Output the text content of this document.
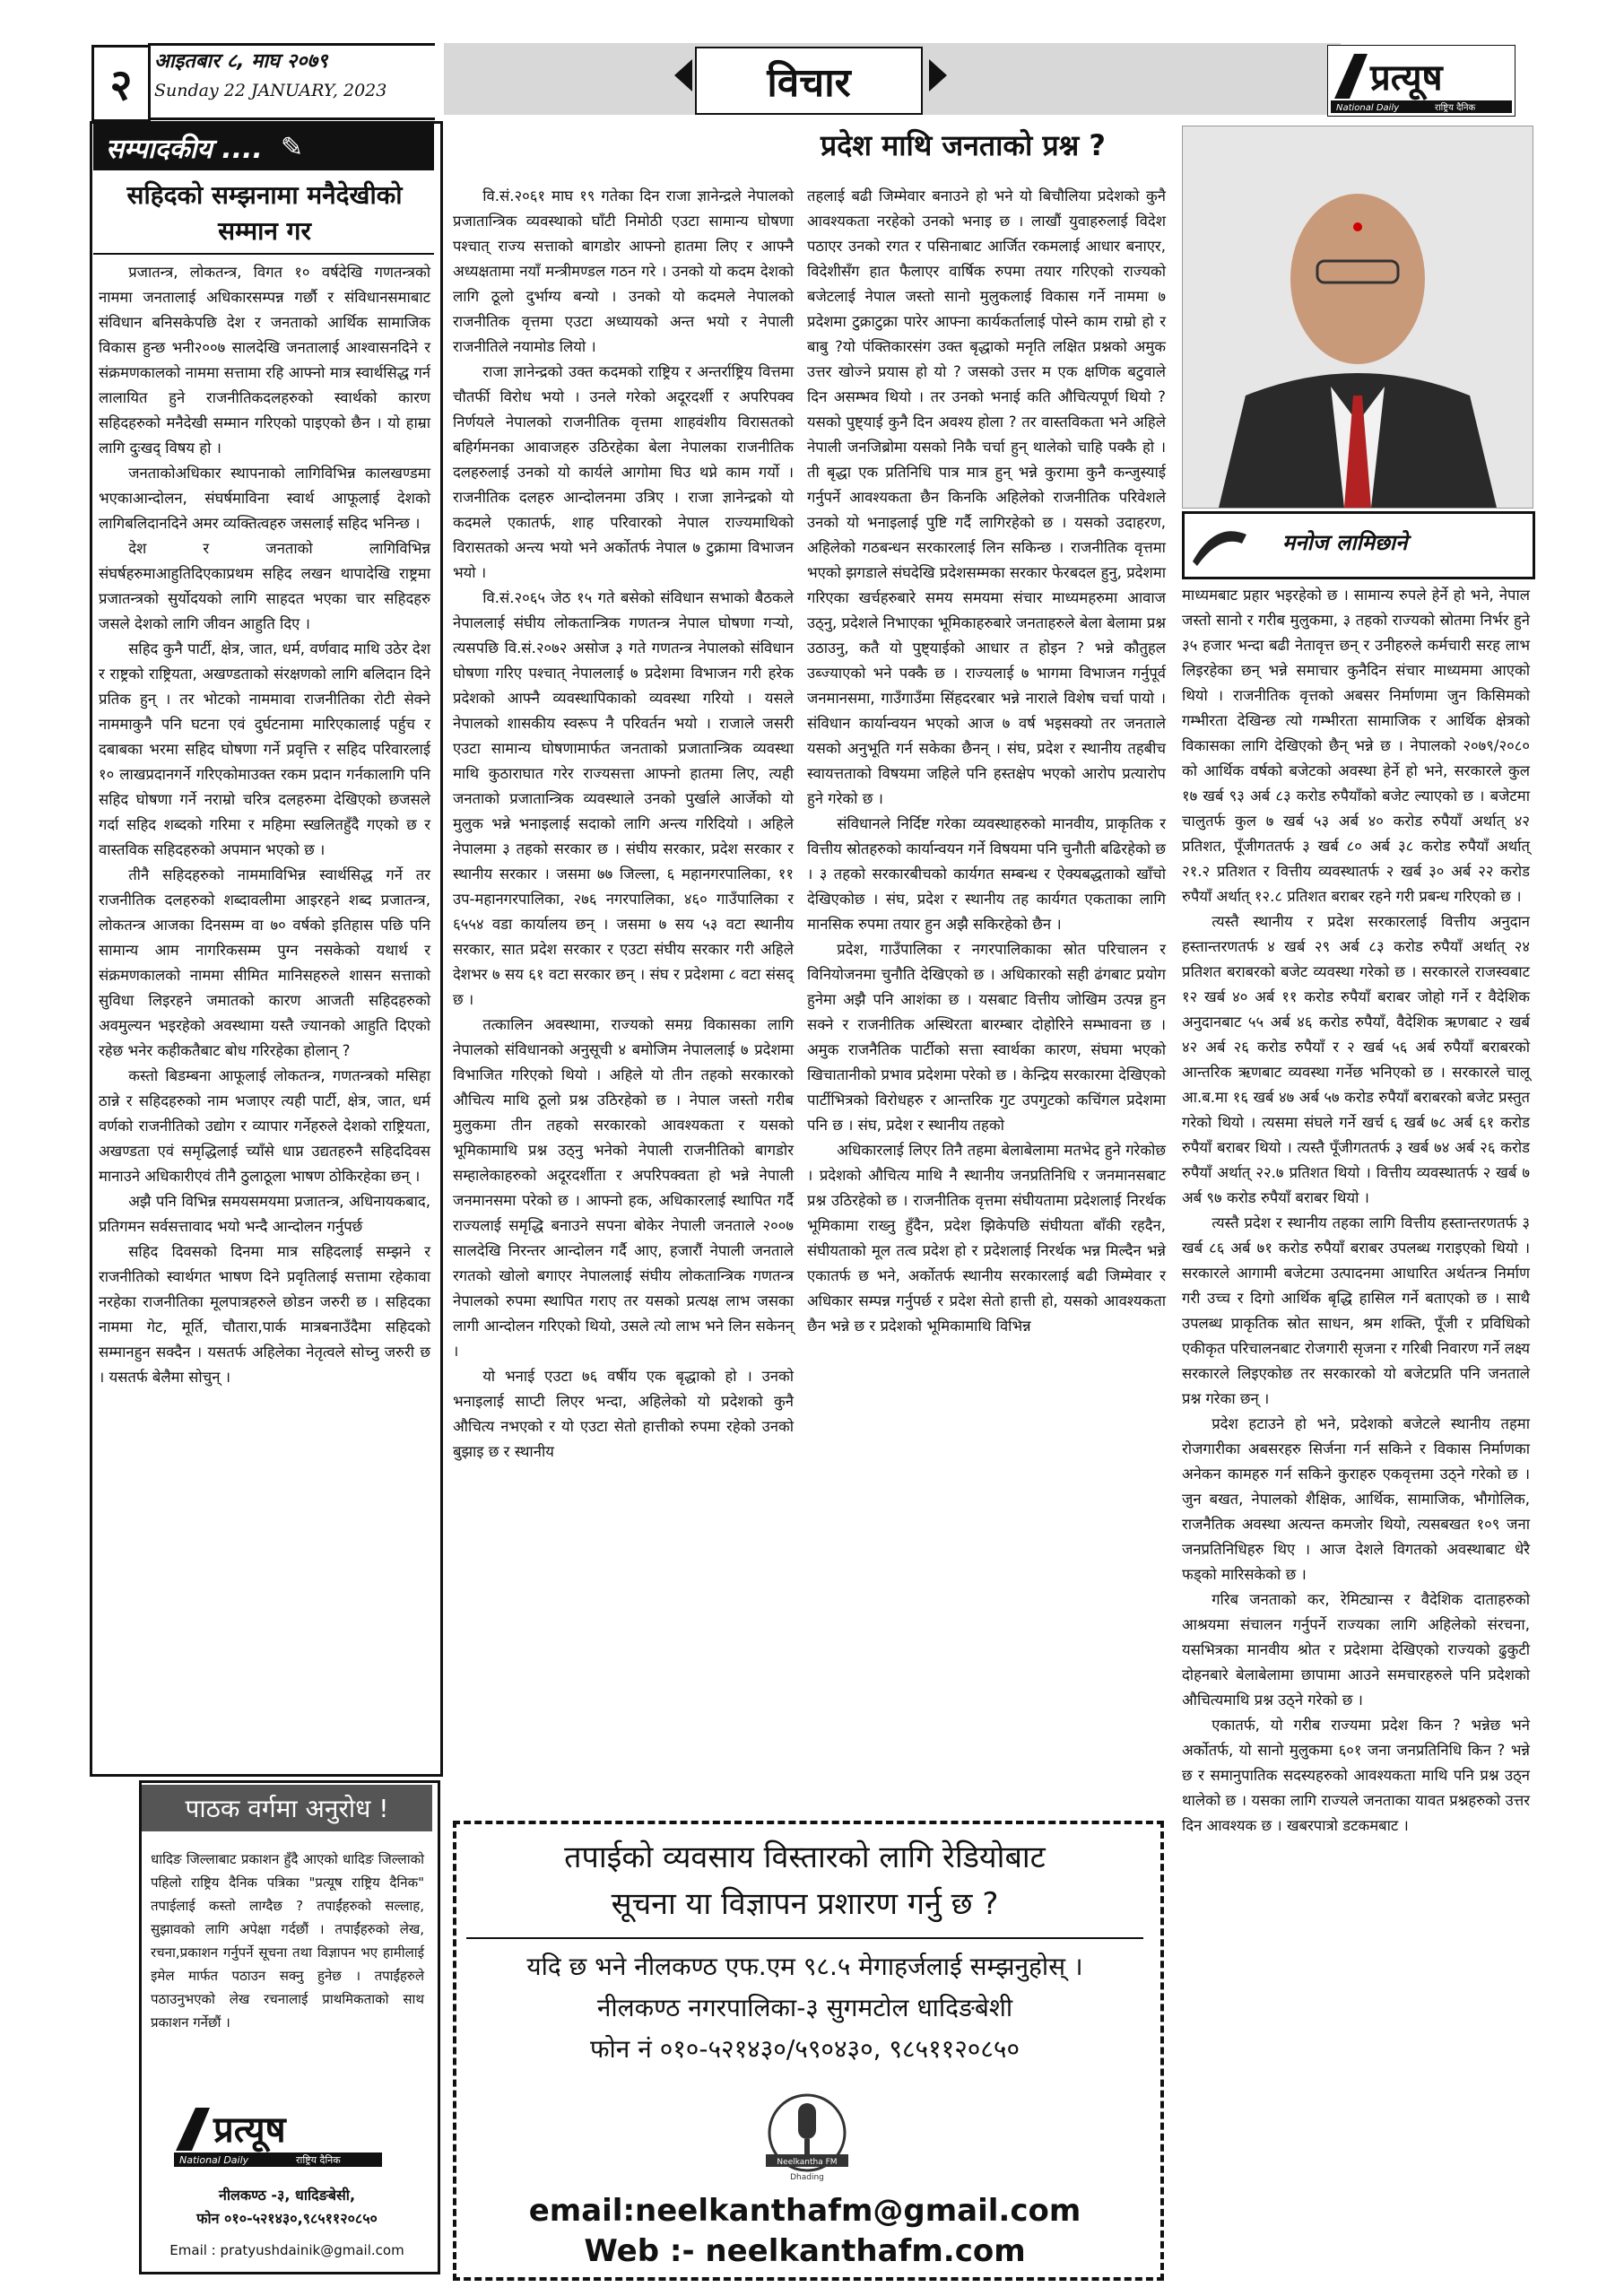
२	आइतबार ८, माघ २०७९
Sunday 22 JANUARY, 2023	विचार	प्रत्यूष
National Daily	राष्ट्रिय दैनिक
सम्पादकीय .... ✎
सहिदको सम्झनामा मनैदेखीको सम्मान गर

प्रजातन्त्र, लोकतन्त्र, विगत १० वर्षदेखि गणतन्त्रको नाममा जनतालाई अधिकारसम्पन्न गर्छौ र संविधानसमाबाट संविधान बनिसकेपछि देश र जनताको आर्थिक सामाजिक विकास हुन्छ भनी२००७ सालदेखि जनतालाई आश्वासनदिने र संक्रमणकालको नाममा सत्तामा रहि आफ्नो मात्र स्वार्थसिद्ध गर्न लालायित हुने राजनीतिकदलहरुको स्वार्थको कारण सहिदहरुको मनैदेखी सम्मान गरिएको पाइएको छैन । यो हाम्रा लागि दुःखद् विषय हो ।

जनताकोअधिकार स्थापनाको लागिविभिन्न कालखण्डमा भएकाआन्दोलन, संघर्षमाविना स्वार्थ आफूलाई देशको लागिबलिदानदिने अमर व्यक्तित्वहरु जसलाई सहिद भनिन्छ ।

देश र जनताको लागिविभिन्न संघर्षहरुमाआहुतिदिएकाप्रथम सहिद लखन थापादेखि राष्ट्रमा प्रजातन्त्रको सुर्योदयको लागि साहदत भएका चार सहिदहरु जसले देशको लागि जीवन आहुति दिए ।

सहिद कुनै पार्टी, क्षेत्र, जात, धर्म, वर्णवाद माथि उठेर देश र राष्ट्रको राष्ट्रियता, अखण्डताको संरक्षणको लागि बलिदान दिने प्रतिक हुन् । तर भोटको नाममावा राजनीतिका रोटी सेक्ने नाममाकुनै पनि घटना एवं दुर्घटनामा मारिएकालाई पर्हुच र दबाबका भरमा सहिद घोषणा गर्ने प्रवृत्ति र सहिद परिवारलाई १० लाखप्रदानगर्ने गरिएकोमाउक्त रकम प्रदान गर्नकालागि पनि सहिद घोषणा गर्ने नराम्रो चरित्र दलहरुमा देखिएको छजसले गर्दा सहिद शब्दको गरिमा र महिमा स्खलितहुँदै गएको छ र वास्तविक सहिदहरुको अपमान भएको छ ।

तीनै सहिदहरुको नाममाविभिन्न स्वार्थसिद्ध गर्ने तर राजनीतिक दलहरुको शब्दावलीमा आइरहने शब्द प्रजातन्त्र, लोकतन्त्र आजका दिनसम्म वा ७० वर्षको इतिहास पछि पनि सामान्य आम नागरिकसम्म पुग्न नसकेको यथार्थ र संक्रमणकालको नाममा सीमित मानिसहरुले शासन सत्ताको सुविधा लिइरहने जमातको कारण आजती सहिदहरुको अवमुल्यन भइरहेको अवस्थामा यस्तै ज्यानको आहुति दिएको रहेछ भनेर कहीकतैबाट बोध गरिरहेका होलान् ?

कस्तो बिडम्बना आफूलाई लोकतन्त्र, गणतन्त्रको मसिहा ठान्ने र सहिदहरुको नाम भजाएर त्यही पार्टी, क्षेत्र, जात, धर्म वर्णको राजनीतिको उद्योग र व्यापार गर्नेहरुले देशको राष्ट्रियता, अखण्डता एवं समृद्धिलाई च्याँसे धाप्न उद्यतहरुनै सहिददिवस मानाउने अधिकारीएवं तीनै ठुलाठूला भाषण ठोकिरहेका छन् ।

अझै पनि विभिन्न समयसमयमा प्रजातन्त्र, अधिनायकबाद, प्रतिगमन सर्वसत्तावाद भयो भन्दै आन्दोलन गर्नुपर्छ

सहिद दिवसको दिनमा मात्र सहिदलाई सम्झने र राजनीतिको स्वार्थगत भाषण दिने प्रवृतिलाई सत्तामा रहेकावा नरहेका राजनीतिका मूलपात्रहरुले छोडन जरुरी छ । सहिदका नाममा गेट, मूर्ति, चौतारा,पार्क मात्रबनाउँदैमा सहिदको सम्मानहुन सक्दैन । यसतर्फ अहिलेका नेतृत्वले सोच्नु जरुरी छ । यसतर्फ बेलैमा सोचुन् ।

पाठक वर्गमा अनुरोध !
धादिङ जिल्लाबाट प्रकाशन हुँदै आएको धादिङ जिल्लाको पहिलो राष्ट्रिय दैनिक पत्रिका "प्रत्यूष राष्ट्रिय दैनिक" तपाईलाई कस्तो लाग्दैछ ? तपाईंहरुको सल्लाह, सुझावको लागि अपेक्षा गर्दछौं । तपाईंहरुको लेख, रचना,प्रकाशन गर्नुपर्ने सूचना तथा विज्ञापन भए हामीलाई इमेल मार्फत पठाउन सक्नु हुनेछ । तपाईंहरुले पठाउनुभएको लेख रचनालाई प्राथमिकताको साथ प्रकाशन गर्नेछौं ।
प्रत्यूष
National Daily	राष्ट्रिय दैनिक
नीलकण्ठ -३, धादिङबेसी,
फोन ०१०-५२१४३०,९८५११२०८५०
Email : pratyushdainik@gmail.com
प्रदेश माथि जनताको प्रश्न ?

वि.सं.२०६१ माघ १९ गतेका दिन राजा ज्ञानेन्द्रले नेपालको प्रजातान्त्रिक व्यवस्थाको घाँटी निमोठी एउटा सामान्य घोषणा पश्चात् राज्य सत्ताको बागडोर आफ्नो हातमा लिए र आफ्नै अध्यक्षतामा नयाँ मन्त्रीमण्डल गठन गरे । उनको यो कदम देशको लागि ठूलो दुर्भाग्य बन्यो । उनको यो कदमले नेपालको राजनीतिक वृत्तमा एउटा अध्यायको अन्त भयो र नेपाली राजनीतिले नयामोड लियो ।

राजा ज्ञानेन्द्रको उक्त कदमको राष्ट्रिय र अन्तर्राष्ट्रिय वित्तमा चौतर्फी विरोध भयो । उनले गरेको अदूरदर्शी र अपरिपक्व निर्णयले नेपालको राजनीतिक वृत्तमा शाहवंशीय विरासतको बहिर्गमनका आवाजहरु उठिरहेका बेला नेपालका राजनीतिक दलहरुलाई उनको यो कार्यले आगोमा घिउ थप्ने काम गर्यो । राजनीतिक दलहरु आन्दोलनमा उत्रिए । राजा ज्ञानेन्द्रको यो कदमले एकातर्फ, शाह परिवारको नेपाल राज्यमाथिको विरासतको अन्त्य भयो भने अर्कोतर्फ नेपाल ७ टुक्रामा विभाजन भयो ।

वि.सं.२०६५ जेठ १५ गते बसेको संविधान सभाको बैठकले नेपाललाई संघीय लोकतान्त्रिक गणतन्त्र नेपाल घोषणा गऱ्यो, त्यसपछि वि.सं.२०७२ असोज ३ गते गणतन्त्र नेपालको संविधान घोषणा गरिए पश्चात् नेपाललाई ७ प्रदेशमा विभाजन गरी हरेक प्रदेशको आफ्नै व्यवस्थापिकाको व्यवस्था गरियो । यसले नेपालको शासकीय स्वरूप नै परिवर्तन भयो । राजाले जसरी एउटा सामान्य घोषणामार्फत जनताको प्रजातान्त्रिक व्यवस्था माथि कुठाराघात गरेर राज्यसत्ता आफ्नो हातमा लिए, त्यही जनताको प्रजातान्त्रिक व्यवस्थाले उनको पुर्खाले आर्जेको यो मुलुक भन्ने भनाइलाई सदाको लागि अन्त्य गरिदियो । अहिले नेपालमा ३ तहको सरकार छ । संघीय सरकार, प्रदेश सरकार र स्थानीय सरकार । जसमा ७७ जिल्ला, ६ महानगरपालिका, ११ उप-महानगरपालिका, २७६ नगरपालिका, ४६० गाउँपालिका र ६५५४ वडा कार्यालय छन् । जसमा ७ सय ५३ वटा स्थानीय सरकार, सात प्रदेश सरकार र एउटा संघीय सरकार गरी अहिले देशभर ७ सय ६१ वटा सरकार छन् । संघ र प्रदेशमा ८ वटा संसद् छ ।

तत्कालिन अवस्थामा, राज्यको समग्र विकासका लागि नेपालको संविधानको अनुसूची ४ बमोजिम नेपाललाई ७ प्रदेशमा विभाजित गरिएको थियो । अहिले यो तीन तहको सरकारको औचित्य माथि ठूलो प्रश्न उठिरहेको छ । नेपाल जस्तो गरीब मुलुकमा तीन तहको सरकारको आवश्यकता र यसको भूमिकामाथि प्रश्न उठ्नु भनेको नेपाली राजनीतिको बागडोर सम्हालेकाहरुको अदूरदर्शीता र अपरिपक्वता हो भन्ने नेपाली जनमानसमा परेको छ । आफ्नो हक, अधिकारलाई स्थापित गर्दै राज्यलाई समृद्धि बनाउने सपना बोकेर नेपाली जनताले २००७ सालदेखि निरन्तर आन्दोलन गर्दै आए, हजारौं नेपाली जनताले रगतको खोलो बगाएर नेपाललाई संघीय लोकतान्त्रिक गणतन्त्र नेपालको रुपमा स्थापित गराए तर यसको प्रत्यक्ष लाभ जसका लागी आन्दोलन गरिएको थियो, उसले त्यो लाभ भने लिन सकेनन् ।

यो भनाई एउटा ७६ वर्षीय एक बृद्धाको हो । उनको भनाइलाई साप्टी लिएर भन्दा, अहिलेको यो प्रदेशको कुनै औचित्य नभएको र यो एउटा सेतो हात्तीको रुपमा रहेको उनको बुझाइ छ र स्थानीय

तहलाई बढी जिम्मेवार बनाउने हो भने यो बिचौलिया प्रदेशको कुनै आवश्यकता नरहेको उनको भनाइ छ । लाखौं युवाहरुलाई विदेश पठाएर उनको रगत र पसिनाबाट आर्जित रकमलाई आधार बनाएर, विदेशीसँग हात फैलाएर वार्षिक रुपमा तयार गरिएको राज्यको बजेटलाई नेपाल जस्तो सानो मुलुकलाई विकास गर्ने नाममा ७ प्रदेशमा टुक्राटुक्रा पारेर आफ्ना कार्यकर्तालाई पोस्ने काम राम्रो हो र बाबु ?यो पंक्तिकारसंग उक्त बृद्धाको मनृति लक्षित प्रश्नको अमुक उत्तर खोज्ने प्रयास हो यो ? जसको उत्तर म एक क्षणिक बटुवाले दिन असम्भव थियो । तर उनको भनाई कति औचित्यपूर्ण थियो ? यसको पुष्ट्याई कुनै दिन अवश्य होला ? तर वास्तविकता भने अहिले नेपाली जनजिब्रोमा यसको निकै चर्चा हुन् थालेको चाहि पक्कै हो । ती बृद्धा एक प्रतिनिधि पात्र मात्र हुन् भन्ने कुरामा कुनै कन्जुस्याई गर्नुपर्ने आवश्यकता छैन किनकि अहिलेको राजनीतिक परिवेशले उनको यो भनाइलाई पुष्टि गर्दै लागिरहेको छ । यसको उदाहरण, अहिलेको गठबन्धन सरकारलाई लिन सकिन्छ । राजनीतिक वृत्तमा भएको झगडाले संघदेखि प्रदेशसम्मका सरकार फेरबदल हुनु, प्रदेशमा गरिएका खर्चहरुबारे समय समयमा संचार माध्यमहरुमा आवाज उठ्नु, प्रदेशले निभाएका भूमिकाहरुबारे जनताहरुले बेला बेलामा प्रश्न उठाउनु, कतै यो पुष्ट्याईको आधार त होइन ? भन्ने कौतुहल उब्ज्याएको भने पक्कै छ । राज्यलाई ७ भागमा विभाजन गर्नुपूर्व जनमानसमा, गाउँगाउँमा सिंहदरबार भन्ने नाराले विशेष चर्चा पायो । संविधान कार्यान्वयन भएको आज ७ वर्ष भइसक्यो तर जनताले यसको अनुभूति गर्न सकेका छैनन् । संघ, प्रदेश र स्थानीय तहबीच स्वायत्तताको विषयमा जहिले पनि हस्तक्षेप भएको आरोप प्रत्यारोप हुने गरेको छ ।

संविधानले निर्दिष्ट गरेका व्यवस्थाहरुको मानवीय, प्राकृतिक र वित्तीय स्रोतहरुको कार्यान्वयन गर्ने विषयमा पनि चुनौती बढिरहेको छ । ३ तहको सरकारबीचको कार्यगत सम्बन्ध र ऐक्यबद्धताको खाँचो देखिएकोछ । संघ, प्रदेश र स्थानीय तह कार्यगत एकताका लागि मानसिक रुपमा तयार हुन अझै सकिरहेको छैन ।

प्रदेश, गाउँपालिका र नगरपालिकाका स्रोत परिचालन र विनियोजनमा चुनौति देखिएको छ । अधिकारको सही ढंगबाट प्रयोग हुनेमा अझै पनि आशंका छ । यसबाट वित्तीय जोखिम उत्पन्न हुन सक्ने र राजनीतिक अस्थिरता बारम्बार दोहोरिने सम्भावना छ । अमुक राजनैतिक पार्टीको सत्ता स्वार्थका कारण, संघमा भएको खिचातानीको प्रभाव प्रदेशमा परेको छ । केन्द्रिय सरकारमा देखिएको पार्टीभित्रको विरोधहरु र आन्तरिक गुट उपगुटको कचिंगल प्रदेशमा पनि छ । संघ, प्रदेश र स्थानीय तहको

अधिकारलाई लिएर तिनै तहमा बेलाबेलामा मतभेद हुने गरेकोछ । प्रदेशको औचित्य माथि नै स्थानीय जनप्रतिनिधि र जनमानसबाट प्रश्न उठिरहेको छ । राजनीतिक वृत्तमा संघीयतामा प्रदेशलाई निरर्थक भूमिकामा राख्नु हुँदैन, प्रदेश झिकेपछि संघीयता बाँकी रहदैन, संघीयताको मूल तत्व प्रदेश हो र प्रदेशलाई निरर्थक भन्न मिल्दैन भन्ने एकातर्फ छ भने, अर्कोतर्फ स्थानीय सरकारलाई बढी जिम्मेवार र अधिकार सम्पन्न गर्नुपर्छ र प्रदेश सेतो हात्ती हो, यसको आवश्यकता छैन भन्ने छ र प्रदेशको भूमिकामाथि विभिन्न

मनोज लामिछाने

माध्यमबाट प्रहार भइरहेको छ । सामान्य रुपले हेर्ने हो भने, नेपाल जस्तो सानो र गरीब मुलुकमा, ३ तहको राज्यको स्रोतमा निर्भर हुने ३५ हजार भन्दा बढी नेतावृत्त छन् र उनीहरुले कर्मचारी सरह लाभ लिइरहेका छन् भन्ने समाचार कुनैदिन संचार माध्यममा आएको थियो । राजनीतिक वृत्तको अबसर निर्माणमा जुन किसिमको गम्भीरता देखिन्छ त्यो गम्भीरता सामाजिक र आर्थिक क्षेत्रको विकासका लागि देखिएको छैन् भन्ने छ । नेपालको २०७९/२०८० को आर्थिक वर्षको बजेटको अवस्था हेर्ने हो भने, सरकारले कुल १७ खर्ब ९३ अर्ब ८३ करोड रुपैयाँको बजेट ल्याएको छ । बजेटमा चालुतर्फ कुल ७ खर्ब ५३ अर्ब ४० करोड रुपैयाँ अर्थात् ४२ प्रतिशत, पूँजीगततर्फ ३ खर्ब ८० अर्ब ३८ करोड रुपैयाँ अर्थात् २१.२ प्रतिशत र वित्तीय व्यवस्थातर्फ २ खर्ब ३० अर्ब २२ करोड रुपैयाँ अर्थात् १२.८ प्रतिशत बराबर रहने गरी प्रबन्ध गरिएको छ ।

त्यस्तै स्थानीय र प्रदेश सरकारलाई वित्तीय अनुदान हस्तान्तरणतर्फ ४ खर्ब २९ अर्ब ८३ करोड रुपैयाँ अर्थात् २४ प्रतिशत बराबरको बजेट व्यवस्था गरेको छ । सरकारले राजस्वबाट १२ खर्ब ४० अर्ब ११ करोड रुपैयाँ बराबर जोहो गर्ने र वैदेशिक अनुदानबाट ५५ अर्ब ४६ करोड रुपैयाँ, वैदेशिक ऋणबाट २ खर्ब ४२ अर्ब २६ करोड रुपैयाँ र २ खर्ब ५६ अर्ब रुपैयाँ बराबरको आन्तरिक ऋणबाट व्यवस्था गर्नेछ भनिएको छ । सरकारले चालू आ.ब.मा १६ खर्ब ४७ अर्ब ५७ करोड रुपैयाँ बराबरको बजेट प्रस्तुत गरेको थियो । त्यसमा संघले गर्ने खर्च ६ खर्ब ७८ अर्ब ६१ करोड रुपैयाँ बराबर थियो । त्यस्तै पूँजीगततर्फ ३ खर्ब ७४ अर्ब २६ करोड रुपैयाँ अर्थात् २२.७ प्रतिशत थियो । वित्तीय व्यवस्थातर्फ २ खर्ब ७ अर्ब ९७ करोड रुपैयाँ बराबर थियो ।

त्यस्तै प्रदेश र स्थानीय तहका लागि वित्तीय हस्तान्तरणतर्फ ३ खर्ब ८६ अर्ब ७१ करोड रुपैयाँ बराबर उपलब्ध गराइएको थियो । सरकारले आगामी बजेटमा उत्पादनमा आधारित अर्थतन्त्र निर्माण गरी उच्च र दिगो आर्थिक बृद्धि हासिल गर्ने बताएको छ । साथै उपलब्ध प्राकृतिक स्रोत साधन, श्रम शक्ति, पूँजी र प्रविधिको एकीकृत परिचालनबाट रोजगारी सृजना र गरिबी निवारण गर्ने लक्ष्य सरकारले लिइएकोछ तर सरकारको यो बजेटप्रति पनि जनताले प्रश्न गरेका छन् ।

प्रदेश हटाउने हो भने, प्रदेशको बजेटले स्थानीय तहमा रोजगारीका अबसरहरु सिर्जना गर्न सकिने र विकास निर्माणका अनेकन कामहरु गर्न सकिने कुराहरु एकवृत्तमा उठ्ने गरेको छ । जुन बखत, नेपालको शैक्षिक, आर्थिक, सामाजिक, भौगोलिक, राजनैतिक अवस्था अत्यन्त कमजोर थियो, त्यसबखत १०९ जना जनप्रतिनिधिहरु थिए । आज देशले विगतको अवस्थाबाट धेरै फड्को मारिसकेको छ ।

गरिब जनताको कर, रेमिट्यान्स र वैदेशिक दाताहरुको आश्रयमा संचालन गर्नुपर्ने राज्यका लागि अहिलेको संरचना, यसभित्रका मानवीय श्रोत र प्रदेशमा देखिएको राज्यको ढुकुटी दोहनबारे बेलाबेलामा छापामा आउने समचारहरुले पनि प्रदेशको औचित्यमाथि प्रश्न उठ्ने गरेको छ ।

एकातर्फ, यो गरीब राज्यमा प्रदेश किन ? भन्नेछ भने अर्कोतर्फ, यो सानो मुलुकमा ६०१ जना जनप्रतिनिधि किन ? भन्ने छ र समानुपातिक सदस्यहरुको आवश्यकता माथि पनि प्रश्न उठ्न थालेको छ । यसका लागि राज्यले जनताका यावत प्रश्नहरुको उत्तर दिन आवश्यक छ । खबरपात्रो डटकमबाट ।

तपाईको व्यवसाय विस्तारको लागि रेडियोबाट
सूचना या विज्ञापन प्रशारण गर्नु छ ?
यदि छ भने नीलकण्ठ एफ.एम ९८.५ मेगाहर्जलाई सम्झनुहोस् ।
नीलकण्ठ नगरपालिका-३ सुगमटोल धादिङबेशी
फोन नं ०१०-५२१४३०/५९०४३०, ९८५११२०८५०
Neelkantha FM
Dhading
email:neelkanthafm@gmail.com
Web :- neelkanthafm.com
